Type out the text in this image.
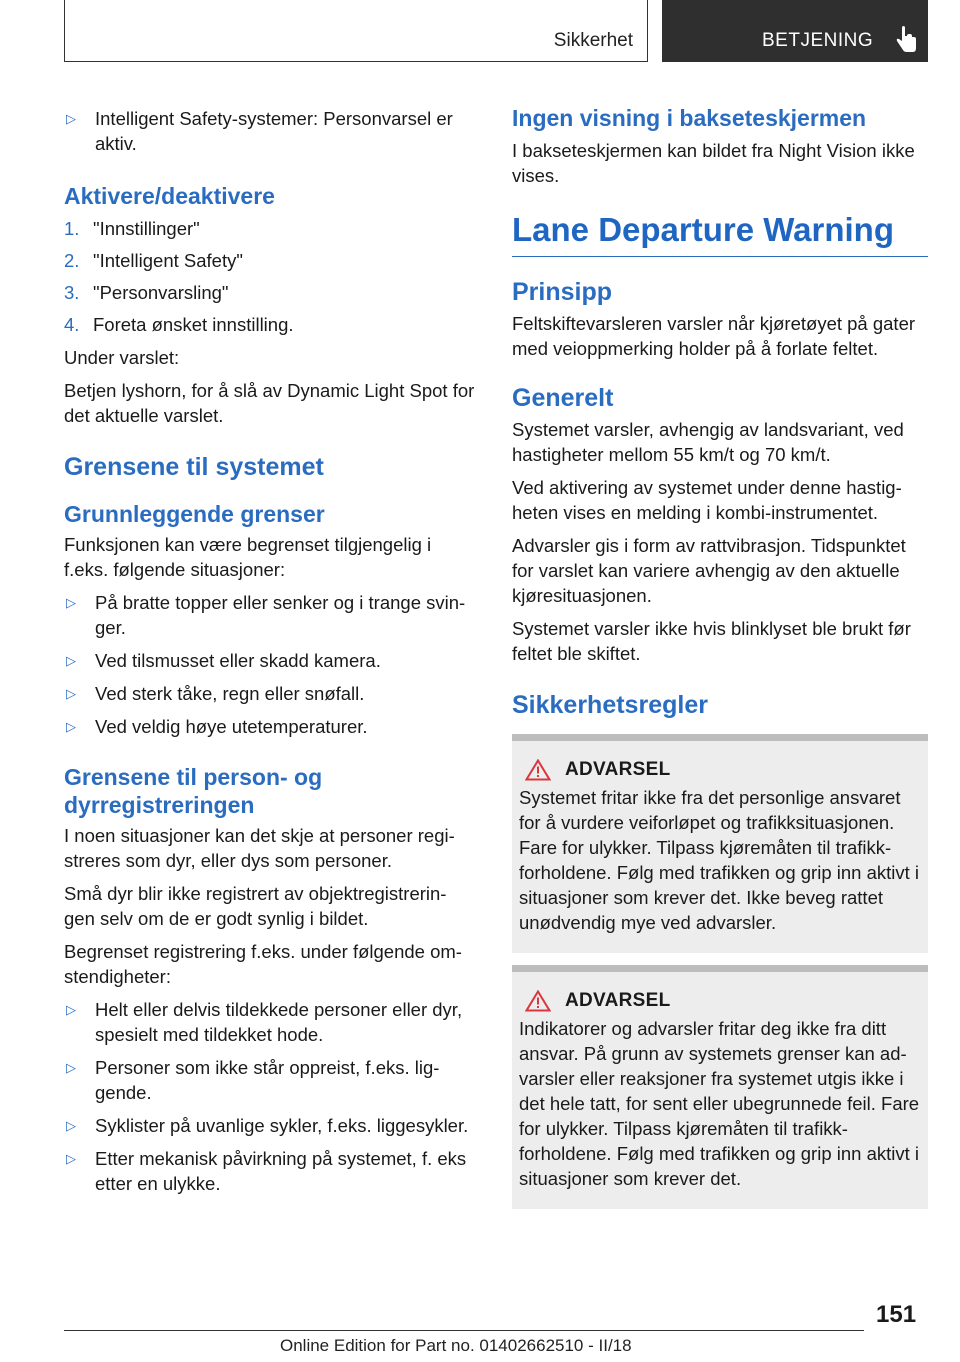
Sikkerhet	BETJENING
▷	Intelligent Safety-systemer: Personvarsel er aktiv.
Aktivere/deaktivere
1. "Innstillinger"
2. "Intelligent Safety"
3. "Personvarsling"
4. Foreta ønsket innstilling.

Under varslet:

Betjen lyshorn, for å slå av Dynamic Light Spot for det aktuelle varslet.

Grensene til systemet
Grunnleggende grenser

Funksjonen kan være begrenset tilgjengelig i f.eks. følgende situasjoner:

▷	På bratte topper eller senker og i trange svin-ger.
▷	Ved tilsmusset eller skadd kamera.
▷	Ved sterk tåke, regn eller snøfall.
▷	Ved veldig høye utetemperaturer.
Grensene til person- og dyrregistreringen

I noen situasjoner kan det skje at personer regi-streres som dyr, eller dys som personer.

Små dyr blir ikke registrert av objektregistrerin-gen selv om de er godt synlig i bildet.

Begrenset registrering f.eks. under følgende om-stendigheter:

▷	Helt eller delvis tildekkede personer eller dyr, spesielt med tildekket hode.
▷	Personer som ikke står oppreist, f.eks. lig-gende.
▷	Syklister på uvanlige sykler, f.eks. liggesykler.
▷	Etter mekanisk påvirkning på systemet, f. eks etter en ulykke.
Ingen visning i bakseteskjermen

I bakseteskjermen kan bildet fra Night Vision ikke vises.

Lane Departure Warning
Prinsipp

Feltskiftevarsleren varsler når kjøretøyet på gater med veioppmerking holder på å forlate feltet.

Generelt

Systemet varsler, avhengig av landsvariant, ved hastigheter mellom 55 km/t og 70 km/t.

Ved aktivering av systemet under denne hastig-heten vises en melding i kombi-instrumentet.

Advarsler gis i form av rattvibrasjon. Tidspunktet for varslet kan variere avhengig av den aktuelle kjøresituasjonen.

Systemet varsler ikke hvis blinklyset ble brukt før feltet ble skiftet.

Sikkerhetsregler
ADVARSEL

Systemet fritar ikke fra det personlige ansvaret for å vurdere veiforløpet og trafikksituasjonen. Fare for ulykker. Tilpass kjøremåten til trafikk-forholdene. Følg med trafikken og grip inn aktivt i situasjoner som krever det. Ikke beveg rattet unødvendig mye ved advarsler.

ADVARSEL

Indikatorer og advarsler fritar deg ikke fra ditt ansvar. På grunn av systemets grenser kan ad-varsler eller reaksjoner fra systemet utgis ikke i det hele tatt, for sent eller ubegrunnede feil. Fare for ulykker. Tilpass kjøremåten til trafikk-forholdene. Følg med trafikken og grip inn aktivt i situasjoner som krever det.

151
Online Edition for Part no. 01402662510 - II/18
